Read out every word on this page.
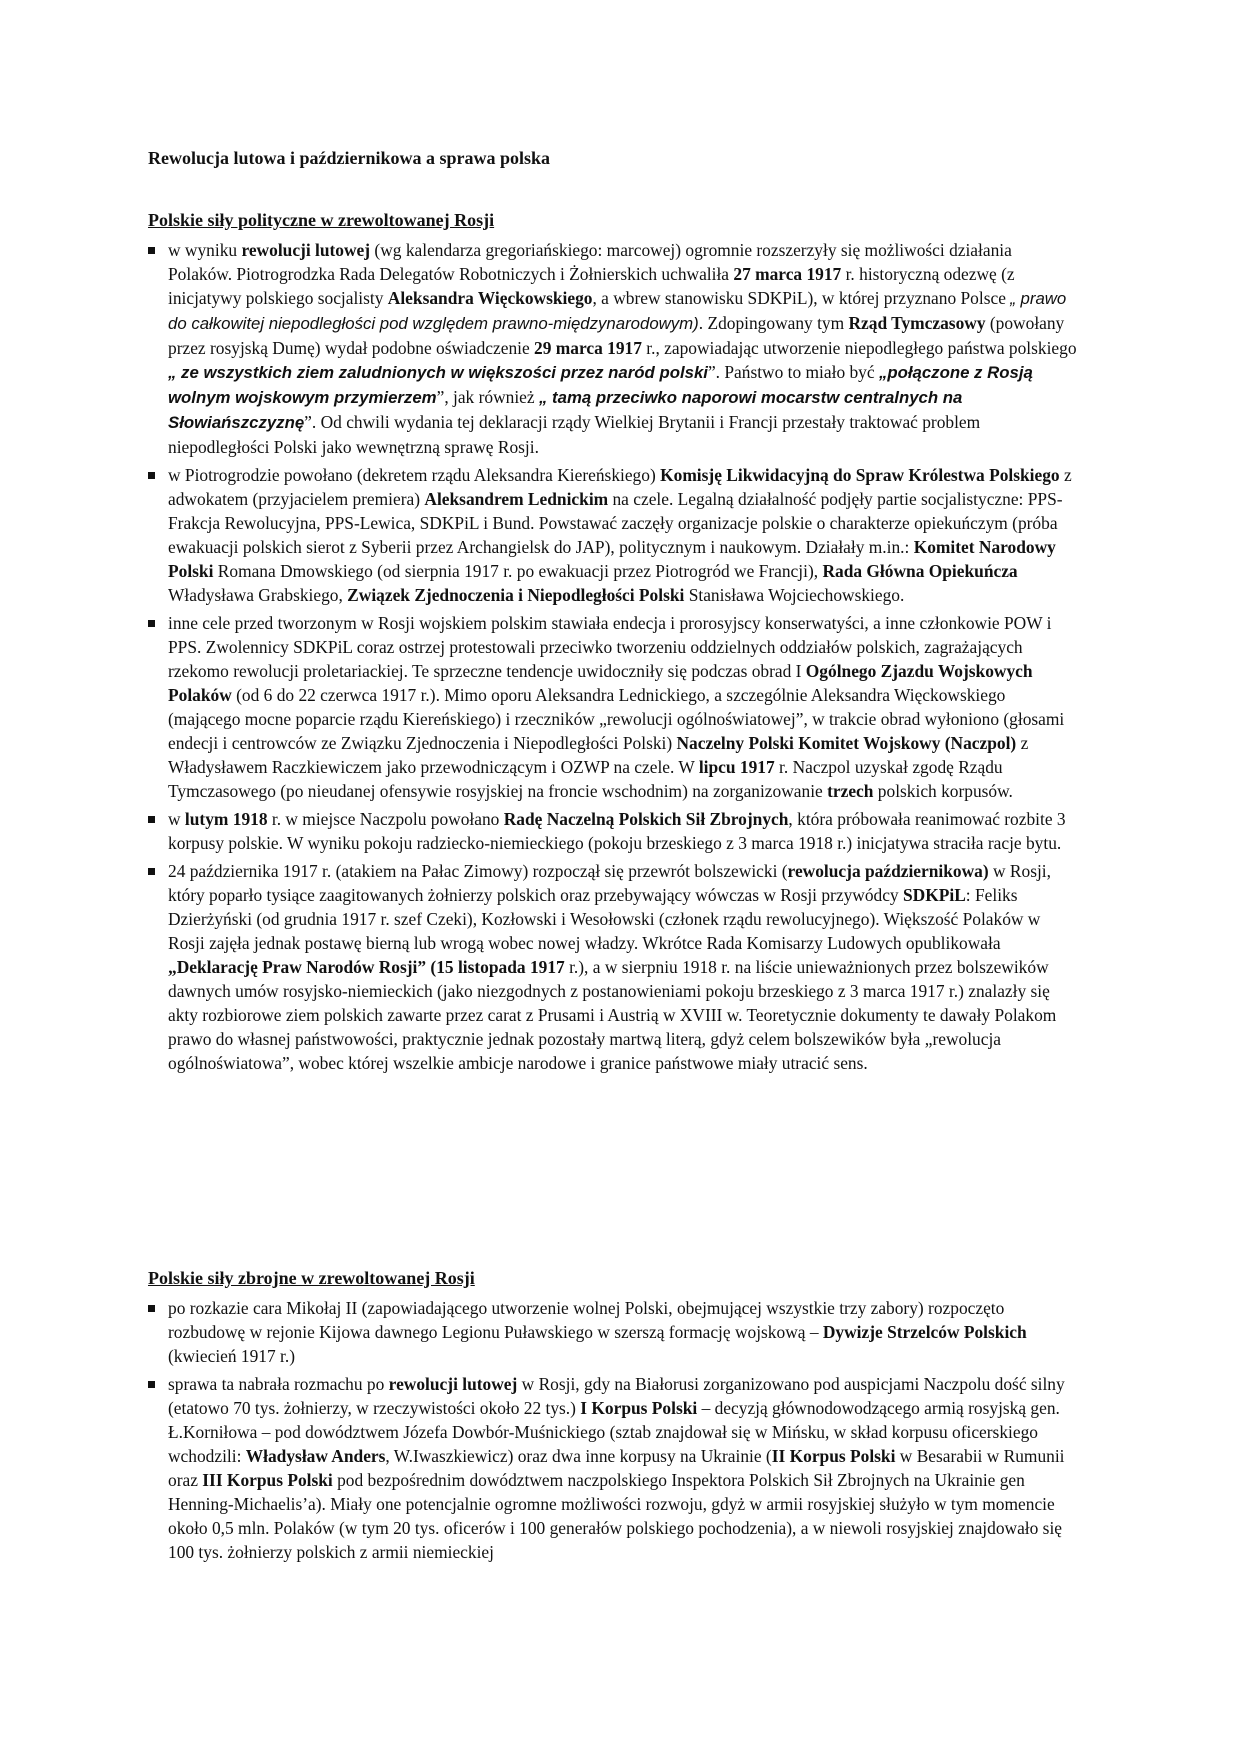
Rewolucja lutowa i październikowa a sprawa polska
Polskie siły polityczne w zrewoltowanej Rosji
w wyniku rewolucji lutowej (wg kalendarza gregoriańskiego: marcowej) ogromnie rozszerzyły się możliwości działania Polaków. Piotrogrodzka Rada Delegatów Robotniczych i Żołnierskich uchwaliła 27 marca 1917 r. historyczną odezwę (z inicjatywy polskiego socjalisty Aleksandra Więckowskiego, a wbrew stanowisku SDKPiL), w której przyznano Polsce „ prawo do całkowitej niepodległości pod względem prawno-międzynarodowym). Zdopingowany tym Rząd Tymczasowy (powołany przez rosyjską Dumę) wydał podobne oświadczenie 29 marca 1917 r., zapowiadając utworzenie niepodległego państwa polskiego „ ze wszystkich ziem zaludnionych w większości przez naród polski”. Państwo to miało być „połączone z Rosją wolnym wojskowym przymierzem”, jak również „ tamą przeciwko naporowi mocarstw centralnych na Słowiańszczyznę”. Od chwili wydania tej deklaracji rządy Wielkiej Brytanii i Francji przestały traktować problem niepodległości Polski jako wewnętrzną sprawę Rosji.
w Piotrogrodzie powołano (dekretem rządu Aleksandra Kiereńskiego) Komisję Likwidacyjną do Spraw Królestwa Polskiego z adwokatem (przyjacielem premiera) Aleksandrem Lednickim na czele. Legalną działalność podjęły partie socjalistyczne: PPS-Frakcja Rewolucyjna, PPS-Lewica, SDKPiL i Bund. Powstawać zaczęły organizacje polskie o charakterze opiekuńczym (próba ewakuacji polskich sierot z Syberii przez Archangielsk do JAP), politycznym i naukowym. Działały m.in.: Komitet Narodowy Polski Romana Dmowskiego (od sierpnia 1917 r. po ewakuacji przez Piotrogród we Francji), Rada Główna Opiekuńcza Władysława Grabskiego, Związek Zjednoczenia i Niepodległości Polski Stanisława Wojciechowskiego.
inne cele przed tworzonym w Rosji wojskiem polskim stawiała endecja i prorosyjscy konserwatyści, a inne członkowie POW i PPS. Zwolennicy SDKPiL coraz ostrzej protestowali przeciwko tworzeniu oddzielnych oddziałów polskich, zagrażających rzekomo rewolucji proletariackiej. Te sprzeczne tendencje uwidoczniły się podczas obrad I Ogólnego Zjazdu Wojskowych Polaków (od 6 do 22 czerwca 1917 r.). Mimo oporu Aleksandra Lednickiego, a szczególnie Aleksandra Więckowskiego (mającego mocne poparcie rządu Kiereńskiego) i rzeczników „rewolucji ogólnoświatowej”, w trakcie obrad wyłoniono (głosami endecji i centrowców ze Związku Zjednoczenia i Niepodległości Polski) Naczelny Polski Komitet Wojskowy (Naczpol) z Władysławem Raczkiewiczem jako przewodniczącym i OZWP na czele. W lipcu 1917 r. Naczpol uzyskał zgodę Rządu Tymczasowego (po nieudanej ofensywie rosyjskiej na froncie wschodnim) na zorganizowanie trzech polskich korpusów.
w lutym 1918 r. w miejsce Naczpolu powołano Radę Naczelną Polskich Sił Zbrojnych, która próbowała reanimować rozbite 3 korpusy polskie. W wyniku pokoju radziecko-niemieckiego (pokoju brzeskiego z 3 marca 1918 r.) inicjatywa straciła racje bytu.
24 października 1917 r. (atakiem na Pałac Zimowy) rozpoczął się przewrót bolszewicki (rewolucja październikowa) w Rosji, który poparło tysiące zaagitowanych żołnierzy polskich oraz przebywający wówczas w Rosji przywódcy SDKPiL: Feliks Dzierżyński (od grudnia 1917 r. szef Czeki), Kozłowski i Wesołowski (członek rządu rewolucyjnego). Większość Polaków w Rosji zajęła jednak postawę bierną lub wrogą wobec nowej władzy. Wkrótce Rada Komisarzy Ludowych opublikowała „Deklarację Praw Narodów Rosji” (15 listopada 1917 r.), a w sierpniu 1918 r. na liście unieważnionych przez bolszewików dawnych umów rosyjsko-niemieckich (jako niezgodnych z postanowieniami pokoju brzeskiego z 3 marca 1917 r.) znalazły się akty rozbiorowe ziem polskich zawarte przez carat z Prusami i Austrią w XVIII w. Teoretycznie dokumenty te dawały Polakom prawo do własnej państwowości, praktycznie jednak pozostały martwą literą, gdyż celem bolszewików była „rewolucja ogólnoświatowa”, wobec której wszelkie ambicje narodowe i granice państwowe miały utracić sens.
Polskie siły zbrojne w zrewoltowanej Rosji
po rozkazie cara Mikołaj II (zapowiadającego utworzenie wolnej Polski, obejmującej wszystkie trzy zabory) rozpoczęto rozbudowę w rejonie Kijowa dawnego Legionu Puławskiego w szerszą formację wojskową – Dywizje Strzelców Polskich (kwiecień 1917 r.)
sprawa ta nabrała rozmachu po rewolucji lutowej w Rosji, gdy na Białorusi zorganizowano pod auspicjami Naczpolu dość silny (etatowo 70 tys. żołnierzy, w rzeczywistości około 22 tys.) I Korpus Polski – decyzją głównodowodzącego armią rosyjską gen. Ł.Korniłowa – pod dowództwem Józefa Dowbór-Muśnickiego (sztab znajdował się w Mińsku, w skład korpusu oficerskiego wchodzili: Władysław Anders, W.Iwaszkiewicz) oraz dwa inne korpusy na Ukrainie (II Korpus Polski w Besarabii w Rumunii oraz III Korpus Polski pod bezpośrednim dowództwem naczpolskiego Inspektora Polskich Sił Zbrojnych na Ukrainie gen Henning-Michaelis’a). Miały one potencjalnie ogromne możliwości rozwoju, gdyż w armii rosyjskiej służyło w tym momencie około 0,5 mln. Polaków (w tym 20 tys. oficerów i 100 generałów polskiego pochodzenia), a w niewoli rosyjskiej znajdowało się 100 tys. żołnierzy polskich z armii niemieckiej
